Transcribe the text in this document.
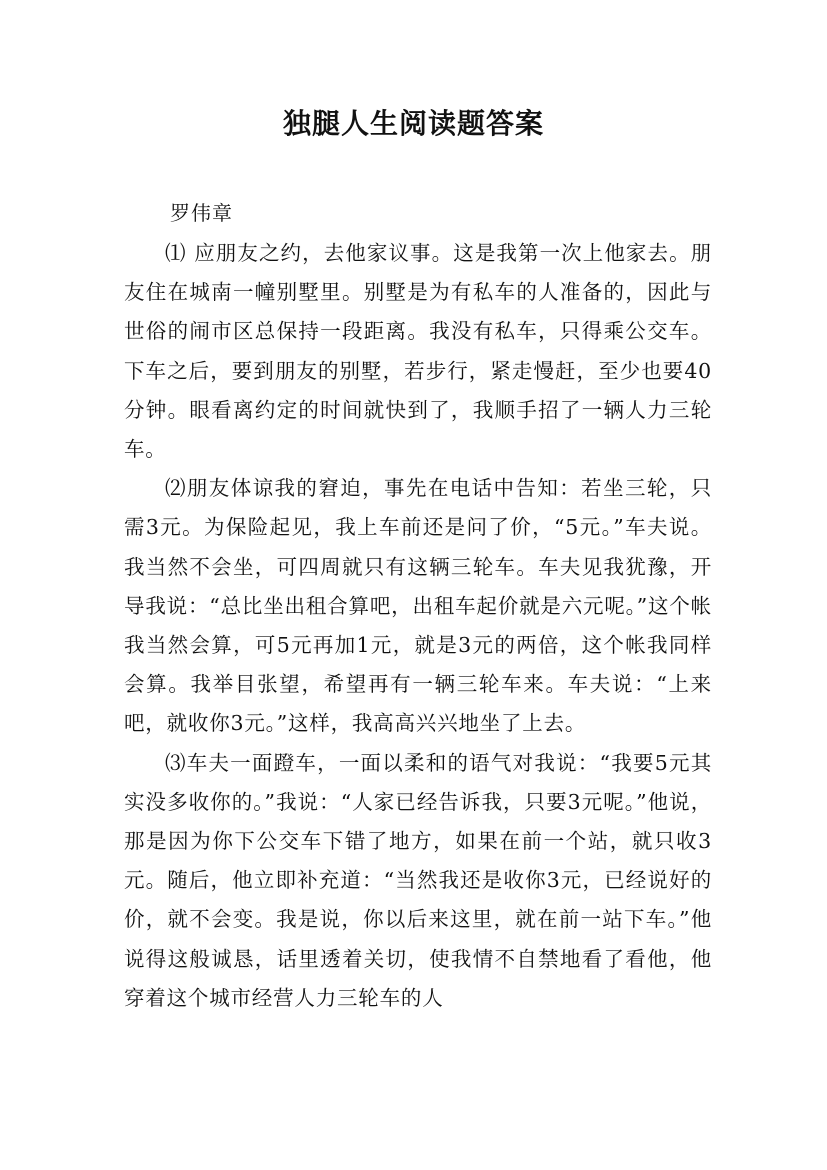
独腿人生阅读题答案
罗伟章

⑴ 应朋友之约，去他家议事。这是我第一次上他家去。朋友住在城南一幢别墅里。别墅是为有私车的人准备的，因此与世俗的闹市区总保持一段距离。我没有私车，只得乘公交车。下车之后，要到朋友的别墅，若步行，紧走慢赶，至少也要40分钟。眼看离约定的时间就快到了，我顺手招了一辆人力三轮车。

⑵朋友体谅我的窘迫，事先在电话中告知：若坐三轮，只需3元。为保险起见，我上车前还是问了价，“5元。”车夫说。我当然不会坐，可四周就只有这辆三轮车。车夫见我犹豫，开导我说：“总比坐出租合算吧，出租车起价就是六元呢。”这个帐我当然会算，可5元再加1元，就是3元的两倍，这个帐我同样会算。我举目张望，希望再有一辆三轮车来。车夫说：“上来吧，就收你3元。”这样，我高高兴兴地坐了上去。

⑶车夫一面蹬车，一面以柔和的语气对我说：“我要5元其实没多收你的。”我说：“人家已经告诉我，只要3元呢。”他说，那是因为你下公交车下错了地方，如果在前一个站，就只收3元。随后，他立即补充道：“当然我还是收你3元，已经说好的价，就不会变。我是说，你以后来这里，就在前一站下车。”他说得这般诚恳，话里透着关切，使我情不自禁地看了看他，他穿着这个城市经营人力三轮车的人
